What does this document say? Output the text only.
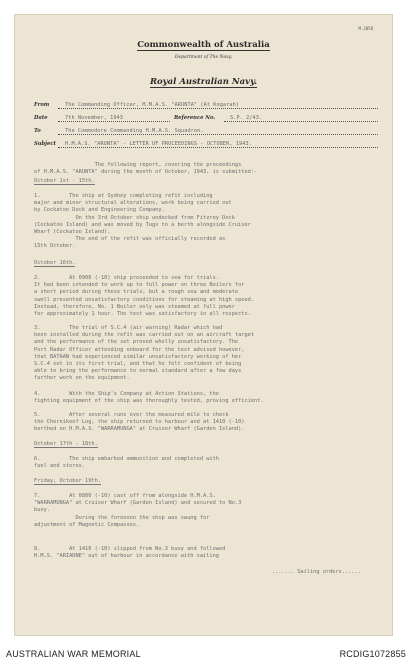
M.2058
Commonwealth of Australia
Department of The Navy.
Royal Australian Navy.
From	The Commanding Officer, H.M.A.S. "ARUNTA" (At Kogarah)
Date	7th November, 1943	Reference No.	S.P. 2/43.
To	The Commodore Commanding H.M.A.S. Squadron.
Subject H.M.A.S. "ARUNTA" - LETTER OF PROCEEDINGS - OCTOBER, 1943.
The following report, covering the proceedings
of H.M.A.S. "ARUNTA" during the month of October, 1943, is submitted:-
October 1st - 15th.
1.         The ship at Sydney completing refit including
major and minor structural alterations, work being carried out
by Cockatoo Dock and Engineering Company.
On the 3rd October ship undocked from Fitzroy Dock
(Cockatoo Island) and was moved by Tugs to a berth alongside Cruiser
Wharf (Cockatoo Island).
The end of the refit was officially recorded as
15th October.
October 16th.
2.         At 0900 (-10) ship proceeded to sea for trials.
It had been intended to work up to full power on three Boilers for
a short period during these trials, but a rough sea and moderate
swell presented unsatisfactory conditions for steaming at high speed.
Instead, therefore, No. 1 Boiler only was steamed at full power
for approximately 1 hour. The test was satisfactory in all respects.
3.         The trial of S.C.4 (air warning) Radar which had
been installed during the refit was carried out on an aircraft target
and the performance of the set proved wholly unsatisfactory. The
Port Radar Officer attending onboard for the test advised however,
that BATAAN had experienced similar unsatisfactory working of her
S.C.4 set in its first trial, and that he felt confident of being
able to bring the performance to normal standard after a few days
further work on the equipment.
4.         With the Ship's Company at Action Stations, the
fighting equipment of the ship was thoroughly tested, proving efficient.
5.         After several runs over the measured mile to check
the Chernikeef Log, the ship returned to harbour and at 1410 (-10)
berthed on H.M.A.S. "WARRAMUNGA" at Cruiser Wharf (Garden Island).
October 17th - 18th.
6.         The ship embarked ammunition and completed with
fuel and stores.
Friday, October 19th.
7.         At 0800 (-10) cast off from alongside H.M.A.S.
"WARRAMUNGA" at Cruiser Wharf (Garden Island) and secured to No.3
buoy.
During the forenoon the ship was swung for
adjustment of Magnetic Compasses.
8.         At 1410 (-10) slipped from No.3 buoy and followed
H.M.S. "ARIADNE" out of harbour in accordance with sailing
....... Sailing orders......
AUSTRALIAN WAR MEMORIAL	RCDIG1072855
